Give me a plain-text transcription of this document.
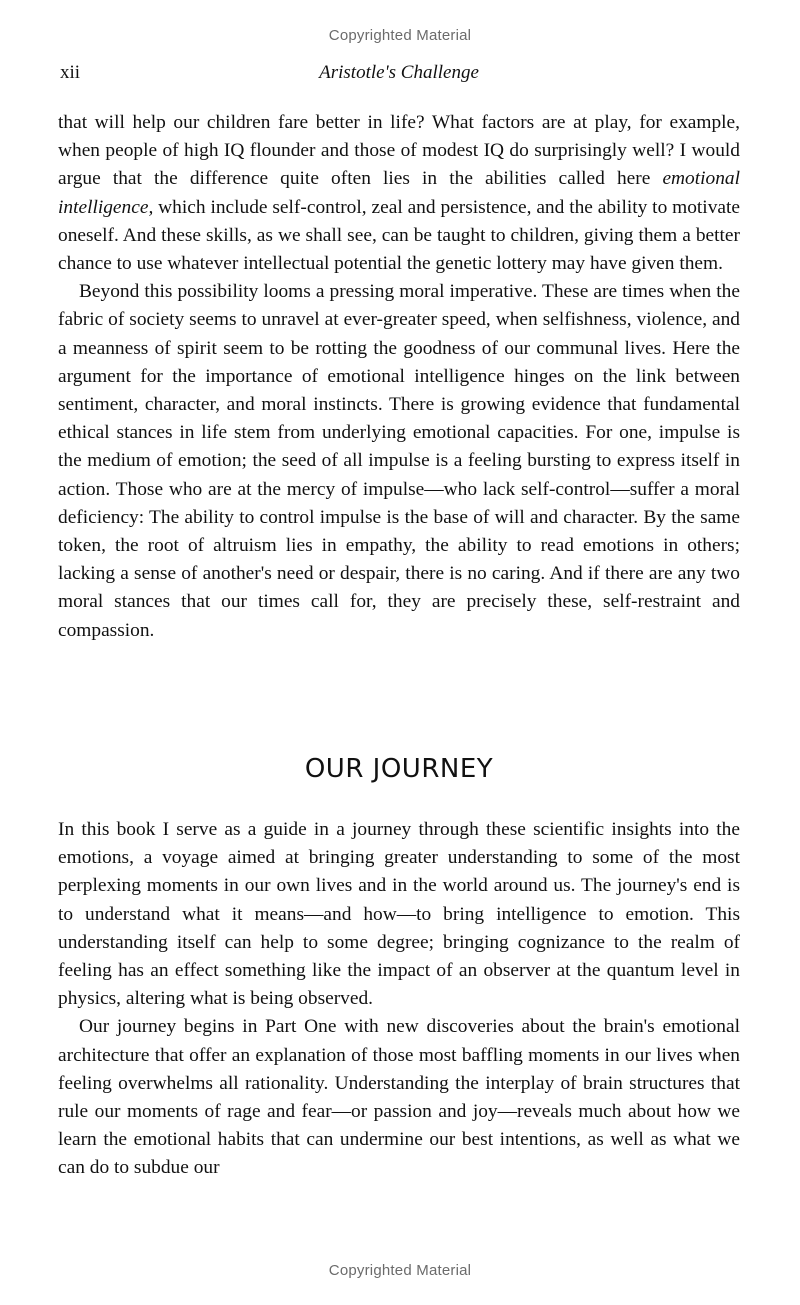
Copyrighted Material
xii	Aristotle's Challenge

that will help our children fare better in life? What factors are at play, for example, when people of high IQ flounder and those of modest IQ do surprisingly well? I would argue that the difference quite often lies in the abilities called here emotional intelligence, which include self-control, zeal and persistence, and the ability to motivate oneself. And these skills, as we shall see, can be taught to children, giving them a better chance to use whatever intellectual potential the genetic lottery may have given them.

Beyond this possibility looms a pressing moral imperative. These are times when the fabric of society seems to unravel at ever-greater speed, when selfishness, violence, and a meanness of spirit seem to be rotting the goodness of our communal lives. Here the argument for the importance of emotional intelligence hinges on the link between sentiment, character, and moral instincts. There is growing evidence that fundamental ethical stances in life stem from underlying emotional capacities. For one, impulse is the medium of emotion; the seed of all impulse is a feeling bursting to express itself in action. Those who are at the mercy of impulse—who lack self-control—suffer a moral deficiency: The ability to control impulse is the base of will and character. By the same token, the root of altruism lies in empathy, the ability to read emotions in others; lacking a sense of another's need or despair, there is no caring. And if there are any two moral stances that our times call for, they are precisely these, self-restraint and compassion.

OUR JOURNEY

In this book I serve as a guide in a journey through these scientific insights into the emotions, a voyage aimed at bringing greater understanding to some of the most perplexing moments in our own lives and in the world around us. The journey's end is to understand what it means—and how—to bring intelligence to emotion. This understanding itself can help to some degree; bringing cognizance to the realm of feeling has an effect something like the impact of an observer at the quantum level in physics, altering what is being observed.

Our journey begins in Part One with new discoveries about the brain's emotional architecture that offer an explanation of those most baffling moments in our lives when feeling overwhelms all rationality. Understanding the interplay of brain structures that rule our moments of rage and fear—or passion and joy—reveals much about how we learn the emotional habits that can undermine our best intentions, as well as what we can do to subdue our

Copyrighted Material
